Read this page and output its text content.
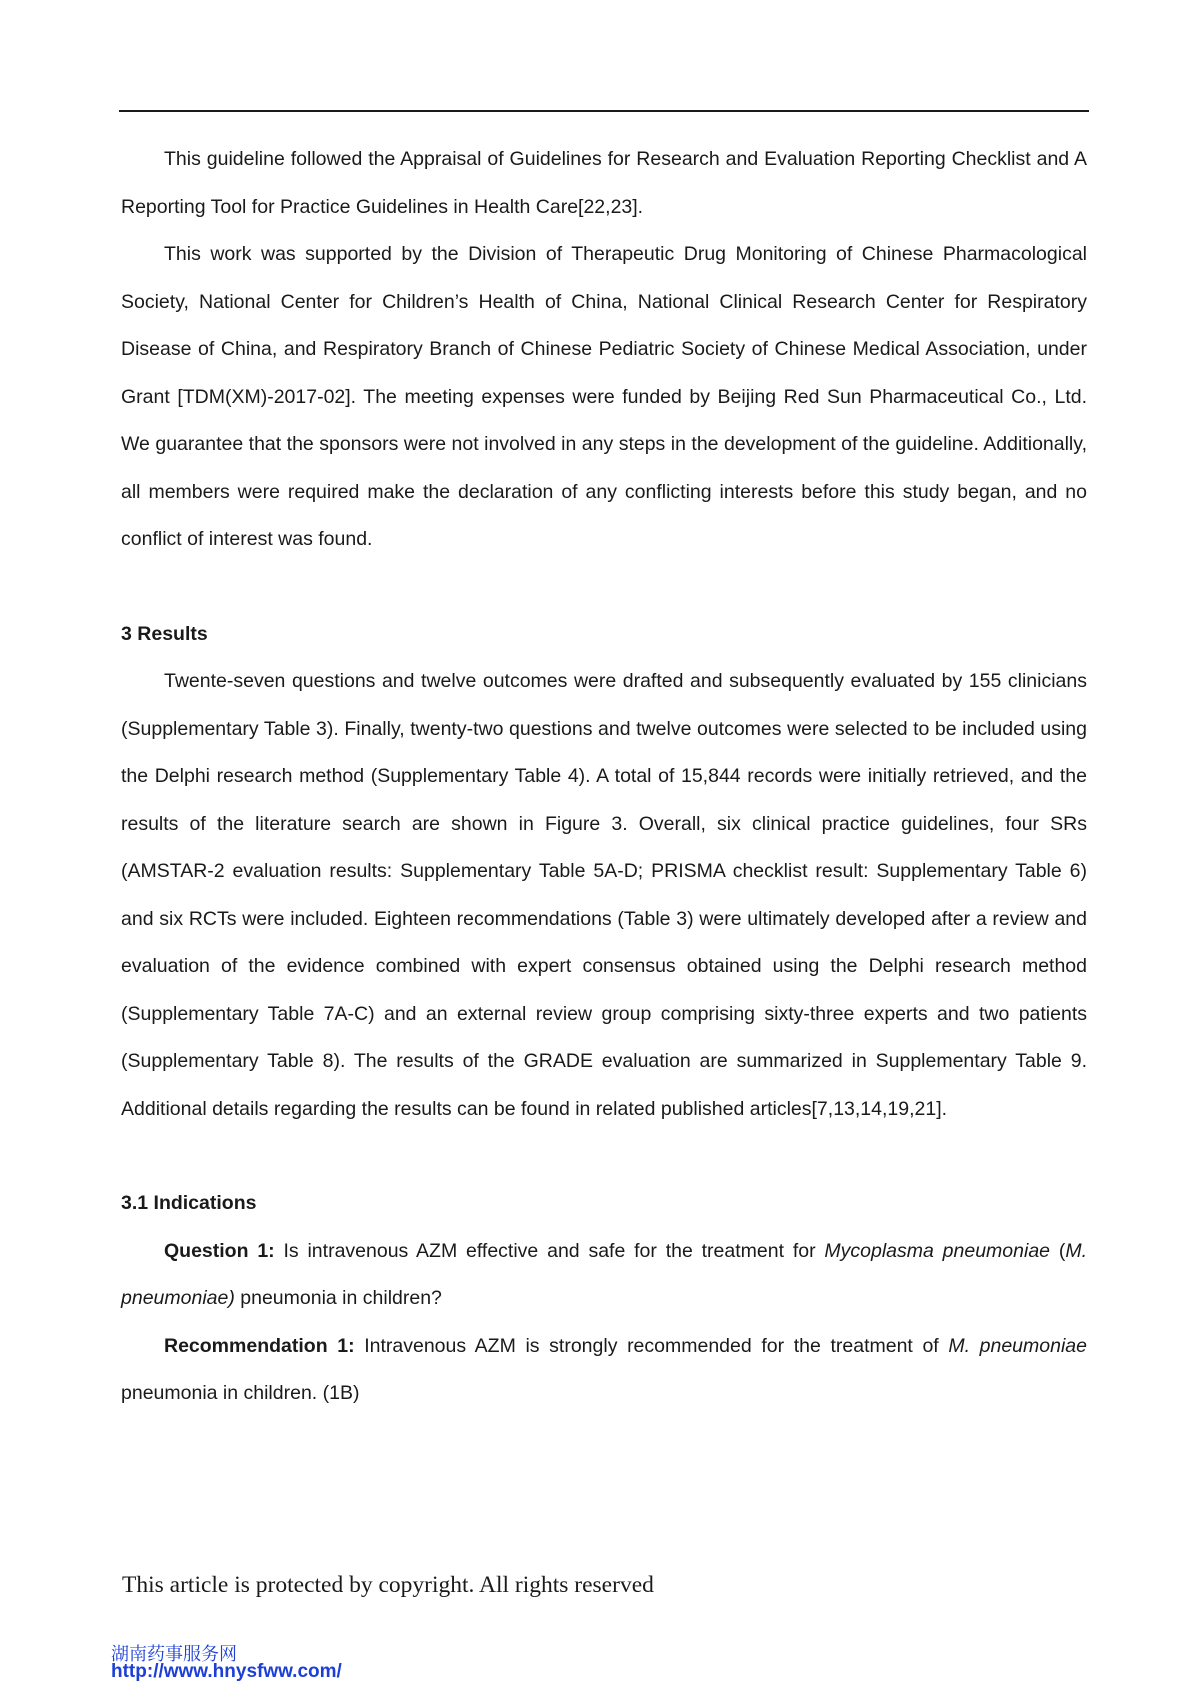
This guideline followed the Appraisal of Guidelines for Research and Evaluation Reporting Checklist and A Reporting Tool for Practice Guidelines in Health Care[22,23].

This work was supported by the Division of Therapeutic Drug Monitoring of Chinese Pharmacological Society, National Center for Children’s Health of China, National Clinical Research Center for Respiratory Disease of China, and Respiratory Branch of Chinese Pediatric Society of Chinese Medical Association, under Grant [TDM(XM)-2017-02]. The meeting expenses were funded by Beijing Red Sun Pharmaceutical Co., Ltd. We guarantee that the sponsors were not involved in any steps in the development of the guideline. Additionally, all members were required make the declaration of any conflicting interests before this study began, and no conflict of interest was found.

3 Results

Twente-seven questions and twelve outcomes were drafted and subsequently evaluated by 155 clinicians (Supplementary Table 3). Finally, twenty-two questions and twelve outcomes were selected to be included using the Delphi research method (Supplementary Table 4). A total of 15,844 records were initially retrieved, and the results of the literature search are shown in Figure 3. Overall, six clinical practice guidelines, four SRs (AMSTAR-2 evaluation results: Supplementary Table 5A-D; PRISMA checklist result: Supplementary Table 6) and six RCTs were included. Eighteen recommendations (Table 3) were ultimately developed after a review and evaluation of the evidence combined with expert consensus obtained using the Delphi research method (Supplementary Table 7A-C) and an external review group comprising sixty-three experts and two patients (Supplementary Table 8). The results of the GRADE evaluation are summarized in Supplementary Table 9. Additional details regarding the results can be found in related published articles[7,13,14,19,21].

3.1 Indications

Question 1: Is intravenous AZM effective and safe for the treatment for Mycoplasma pneumoniae (M. pneumoniae) pneumonia in children?

Recommendation 1: Intravenous AZM is strongly recommended for the treatment of M. pneumoniae pneumonia in children. (1B)

This article is protected by copyright. All rights reserved
湖南药事服务网
http://www.hnysfww.com/
